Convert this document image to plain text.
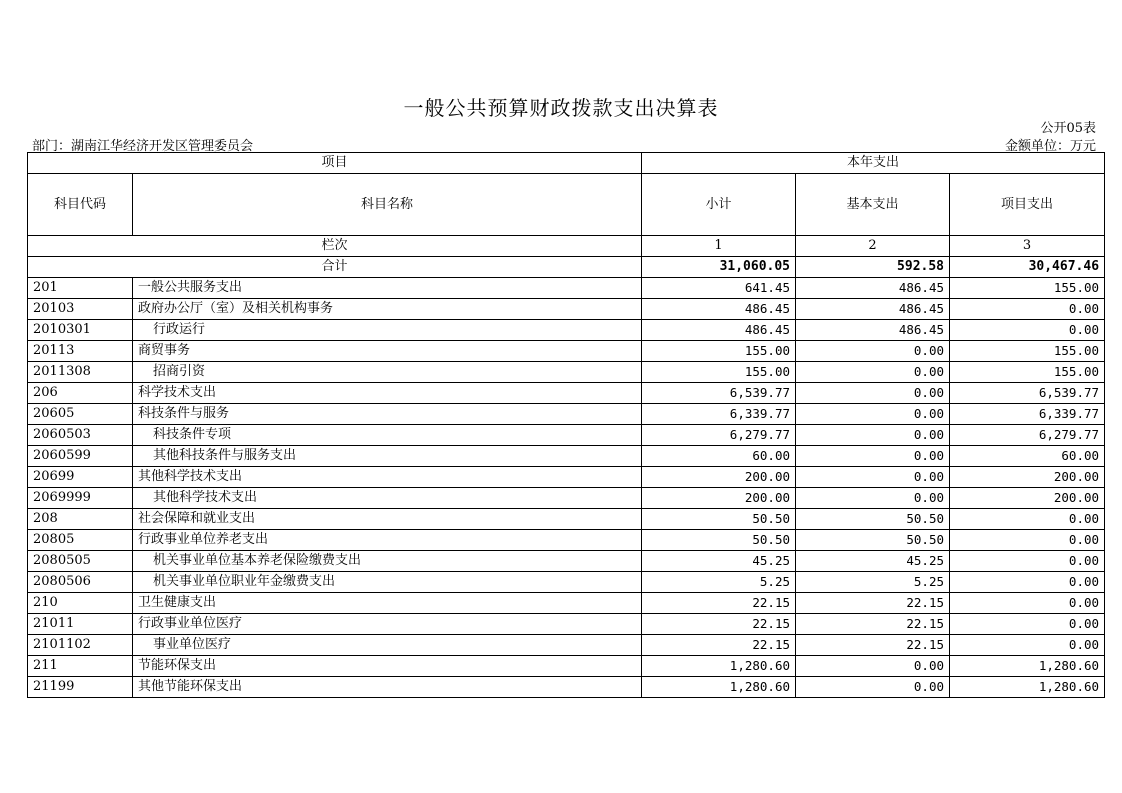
一般公共预算财政拨款支出决算表
公开05表
部门：湖南江华经济开发区管理委员会	金额单位：万元
项目		本年支出		
科目代码	科目名称	小计	基本支出	项目支出
栏次		1	2	3
合计		31,060.05	592.58	30,467.46
201	一般公共服务支出	641.45	486.45	155.00
20103	政府办公厅（室）及相关机构事务	486.45	486.45	0.00
2010301	行政运行	486.45	486.45	0.00
20113	商贸事务	155.00	0.00	155.00
2011308	招商引资	155.00	0.00	155.00
206	科学技术支出	6,539.77	0.00	6,539.77
20605	科技条件与服务	6,339.77	0.00	6,339.77
2060503	科技条件专项	6,279.77	0.00	6,279.77
2060599	其他科技条件与服务支出	60.00	0.00	60.00
20699	其他科学技术支出	200.00	0.00	200.00
2069999	其他科学技术支出	200.00	0.00	200.00
208	社会保障和就业支出	50.50	50.50	0.00
20805	行政事业单位养老支出	50.50	50.50	0.00
2080505	机关事业单位基本养老保险缴费支出	45.25	45.25	0.00
2080506	机关事业单位职业年金缴费支出	5.25	5.25	0.00
210	卫生健康支出	22.15	22.15	0.00
21011	行政事业单位医疗	22.15	22.15	0.00
2101102	事业单位医疗	22.15	22.15	0.00
211	节能环保支出	1,280.60	0.00	1,280.60
21199	其他节能环保支出	1,280.60	0.00	1,280.60
